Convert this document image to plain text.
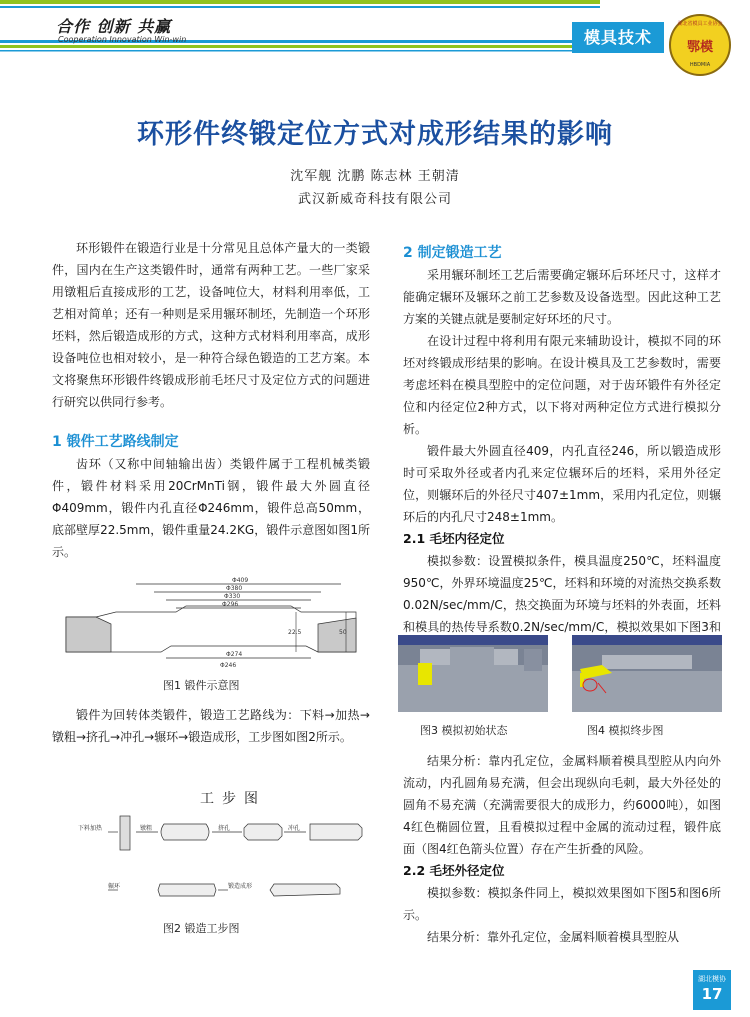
合作 创新 共赢
Cooperation Innovation Win-win	模具技术
湖北省模具工业协会
鄂模
HBDMIA
环形件终锻定位方式对成形结果的影响
沈军舰 沈鹏 陈志林 王朝清
武汉新威奇科技有限公司

环形锻件在锻造行业是十分常见且总体产量大的一类锻件，国内在生产这类锻件时，通常有两种工艺。一些厂家采用镦粗后直接成形的工艺，设备吨位大，材料利用率低，工艺相对简单；还有一种则是采用辗环制坯，先制造一个环形坯料，然后锻造成形的方式，这种方式材料利用率高，成形设备吨位也相对较小，是一种符合绿色锻造的工艺方案。本文将聚焦环形锻件终锻成形前毛坯尺寸及定位方式的问题进行研究以供同行参考。

1 锻件工艺路线制定

齿环（又称中间轴输出齿）类锻件属于工程机械类锻件，锻件材料采用20CrMnTi钢，锻件最大外圆直径Φ409mm，锻件内孔直径Φ246mm，锻件总高50mm，底部壁厚22.5mm，锻件重量24.2KG，锻件示意图如图1所示。

Φ409
Φ380
Φ330
Φ296
Φ246
22.5	50
Φ274
图1 锻件示意图

锻件为回转体类锻件，锻造工艺路线为：下料→加热→镦粗→挤孔→冲孔→辗环→锻造成形，工步图如图2所示。

工步图
下料加热	镦粗	挤孔	冲孔
辗环	锻造成形
图2 锻造工步图
2 制定锻造工艺

采用辗环制坯工艺后需要确定辗环后环坯尺寸，这样才能确定辗环及辗环之前工艺参数及设备选型。因此这种工艺方案的关键点就是要制定好环坯的尺寸。

在设计过程中将利用有限元来辅助设计，模拟不同的环坯对终锻成形结果的影响。在设计模具及工艺参数时，需要考虑坯料在模具型腔中的定位问题，对于齿环锻件有外径定位和内径定位2种方式，以下将对两种定位方式进行模拟分析。

锻件最大外圆直径409，内孔直径246，所以锻造成形时可采取外径或者内孔来定位辗环后的坯料，采用外径定位，则辗环后的外径尺寸407±1mm，采用内孔定位，则辗环后的内孔尺寸248±1mm。

2.1 毛坯内径定位

模拟参数：设置模拟条件，模具温度250℃，坯料温度950℃，外界环境温度25℃，坯料和环境的对流热交换系数0.02N/sec/mm/C，热交换面为环境与坯料的外表面，坯料和模具的热传导系数0.2N/sec/mm/C，模拟效果如下图3和

图3 模拟初始状态	图4 模拟终步图

结果分析：靠内孔定位，金属料顺着模具型腔从内向外流动，内孔圆角易充满，但会出现纵向毛刺，最大外径处的圆角不易充满（充满需要很大的成形力，约6000吨），如图4红色椭圆位置，且看模拟过程中金属的流动过程，锻件底面（图4红色箭头位置）存在产生折叠的风险。

2.2 毛坯外径定位

模拟参数：模拟条件同上，模拟效果图如下图5和图6所示。

结果分析：靠外孔定位，金属料顺着模具型腔从

湖北模协
17
